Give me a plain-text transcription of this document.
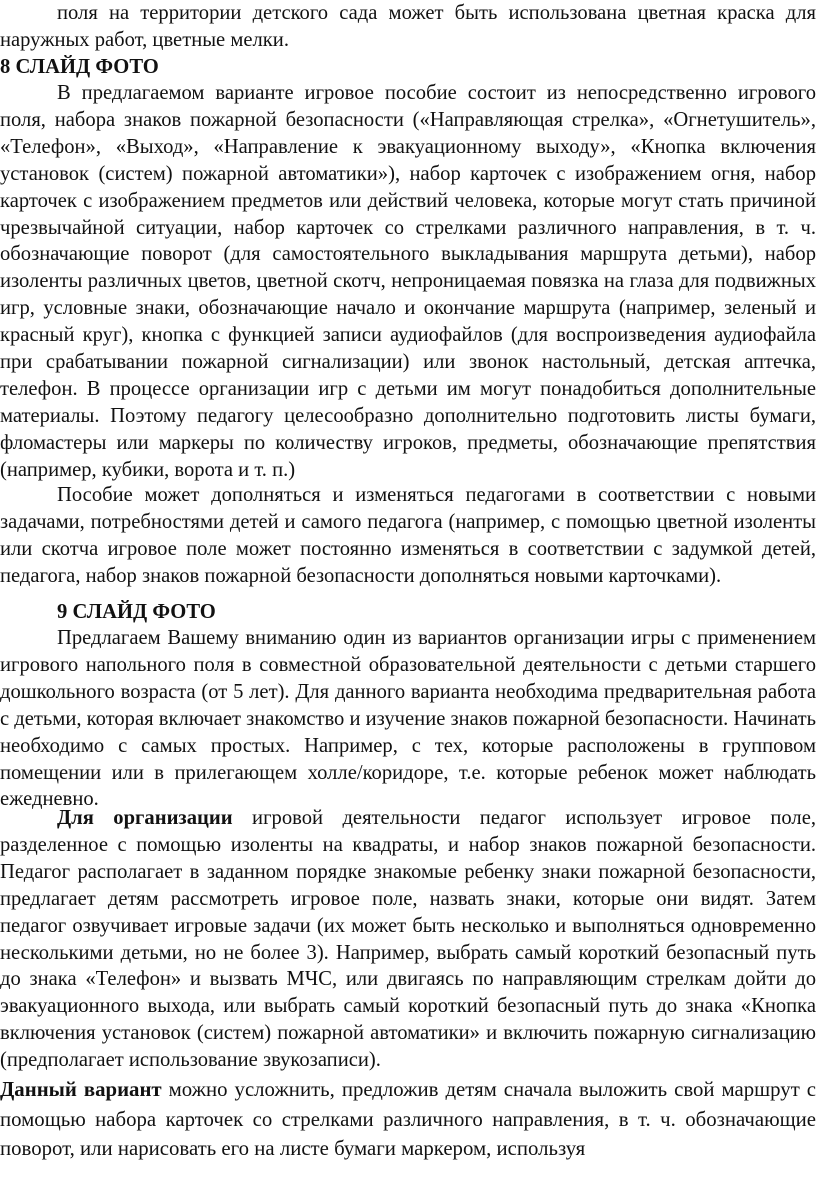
поля на территории детского сада может быть использована цветная краска для наружных работ, цветные мелки.

8 СЛАЙД ФОТО

В предлагаемом варианте игровое пособие состоит из непосредственно игрового поля, набора знаков пожарной безопасности («Направляющая стрелка», «Огнетушитель», «Телефон», «Выход», «Направление к эвакуационному выходу», «Кнопка включения установок (систем) пожарной автоматики»), набор карточек с изображением огня, набор карточек с изображением предметов или действий человека, которые могут стать причиной чрезвычайной ситуации, набор карточек со стрелками различного направления, в т. ч. обозначающие поворот (для самостоятельного выкладывания маршрута детьми), набор изоленты различных цветов, цветной скотч, непроницаемая повязка на глаза для подвижных игр, условные знаки, обозначающие начало и окончание маршрута (например, зеленый и красный круг), кнопка с функцией записи аудиофайлов (для воспроизведения аудиофайла при срабатывании пожарной сигнализации) или звонок настольный, детская аптечка, телефон. В процессе организации игр с детьми им могут понадобиться дополнительные материалы. Поэтому педагогу целесообразно дополнительно подготовить листы бумаги, фломастеры или маркеры по количеству игроков, предметы, обозначающие препятствия (например, кубики, ворота и т. п.)

Пособие может дополняться и изменяться педагогами в соответствии с новыми задачами, потребностями детей и самого педагога (например, с помощью цветной изоленты или скотча игровое поле может постоянно изменяться в соответствии с задумкой детей, педагога, набор знаков пожарной безопасности дополняться новыми карточками).

9 СЛАЙД ФОТО

Предлагаем Вашему вниманию один из вариантов организации игры с применением игрового напольного поля в совместной образовательной деятельности с детьми старшего дошкольного возраста (от 5 лет). Для данного варианта необходима предварительная работа с детьми, которая включает знакомство и изучение знаков пожарной безопасности. Начинать необходимо с самых простых. Например, с тех, которые расположены в групповом помещении или в прилегающем холле/коридоре, т.е. которые ребенок может наблюдать ежедневно.

Для организации игровой деятельности педагог использует игровое поле, разделенное с помощью изоленты на квадраты, и набор знаков пожарной безопасности. Педагог располагает в заданном порядке знакомые ребенку знаки пожарной безопасности, предлагает детям рассмотреть игровое поле, назвать знаки, которые они видят. Затем педагог озвучивает игровые задачи (их может быть несколько и выполняться одновременно несколькими детьми, но не более 3). Например, выбрать самый короткий безопасный путь до знака «Телефон» и вызвать МЧС, или двигаясь по направляющим стрелкам дойти до эвакуационного выхода, или выбрать самый короткий безопасный путь до знака «Кнопка включения установок (систем) пожарной автоматики» и включить пожарную сигнализацию (предполагает использование звукозаписи).

Данный вариант можно усложнить, предложив детям сначала выложить свой маршрут с помощью набора карточек со стрелками различного направления, в т. ч. обозначающие поворот, или нарисовать его на листе бумаги маркером, используя
